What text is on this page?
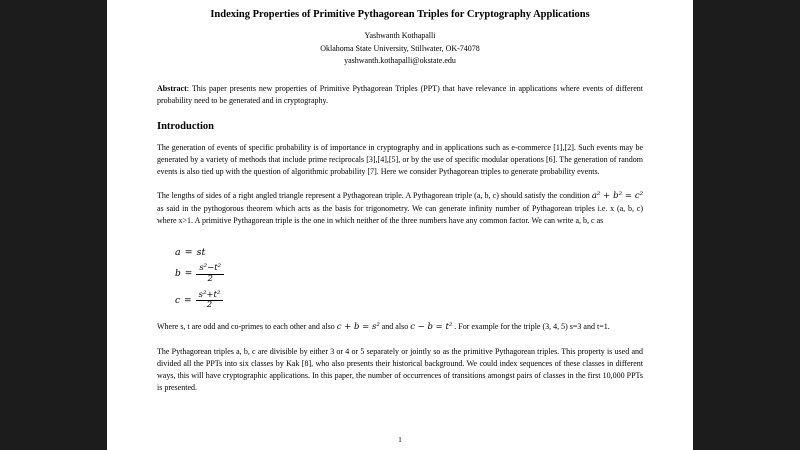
Indexing Properties of Primitive Pythagorean Triples for Cryptography Applications
Yashwanth Kothapalli
Oklahoma State University, Stillwater, OK-74078
yashwanth.kothapalli@okstate.edu
Abstract: This paper presents new properties of Primitive Pythagorean Triples (PPT) that have relevance in applications where events of different probability need to be generated and in cryptography.
Introduction

The generation of events of specific probability is of importance in cryptography and in applications such as e-commerce [1],[2]. Such events may be generated by a variety of methods that include prime reciprocals [3],[4],[5], or by the use of specific modular operations [6]. The generation of random events is also tied up with the question of algorithmic probability [7]. Here we consider Pythagorean triples to generate probability events.

The lengths of sides of a right angled triangle represent a Pythagorean triple. A Pythagorean triple (a, b, c) should satisfy the condition a² + b² = c² as said in the pythogorous theorem which acts as the basis for trigonometry. We can generate infinity number of Pythagorean triples i.e. x (a, b, c) where x>1. A primitive Pythagorean triple is the one in which neither of the three numbers have any common factor. We can write a, b, c as

a = st
$b = \frac{\text{s²−t²}}{2}$
$c = \frac{\text{s²+t²}}{2}$

Where s, t are odd and co-primes to each other and also c + b = s² and also c − b = t² . For example for the triple (3, 4, 5) s=3 and t=1.

The Pythagorean triples a, b, c are divisible by either 3 or 4 or 5 separately or jointly so as the primitive Pythagorean triples. This property is used and divided all the PPTs into six classes by Kak [8], who also presents their historical background. We could index sequences of these classes in different ways, this will have cryptographic applications. In this paper, the number of occurrences of transitions amongst pairs of classes in the first 10,000 PPTs is presented.

1
